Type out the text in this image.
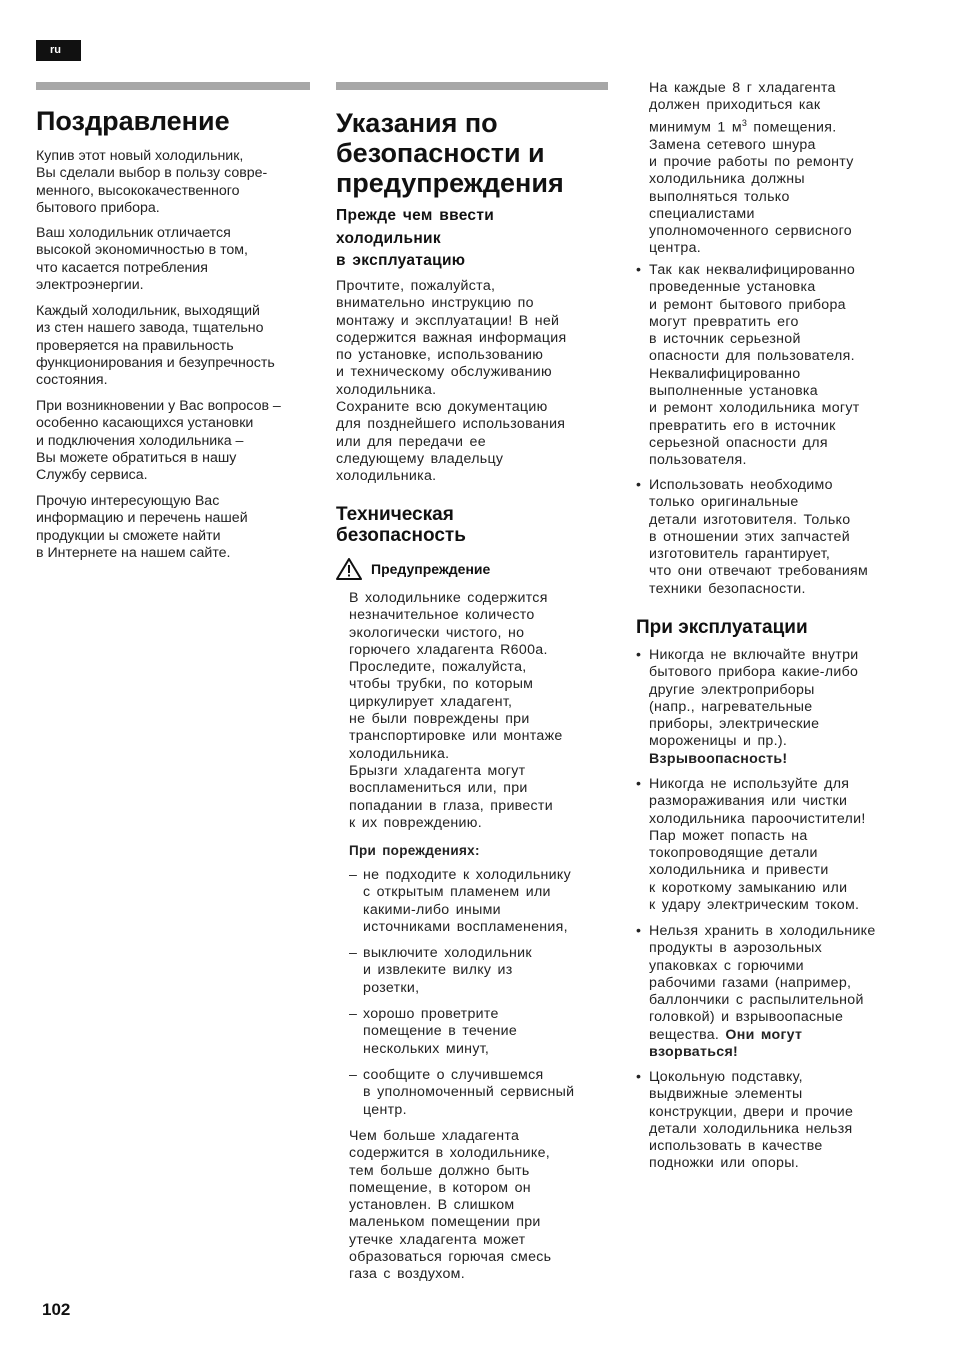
ru
Поздравление

Купив этот новый холодильник,
Вы сделали выбор в пользу совре-
менного, высококачественного
бытового прибора.

Ваш холодильник отличается
высокой экономичностью в том,
что касается потребления
электроэнергии.

Каждый холодильник, выходящий
из стен нашего завода, тщательно
проверяется на правильность
функционирования и безупречность
состояния.

При возникновении у Вас вопросов –
особенно касающихся установки
и подключения холодильника –
Вы можете обратиться в нашу
Службу сервиса.

Прочую интересующую Вас
информацию и перечень нашей
продукции ы сможете найти
в Интернете на нашем сайте.

Указания по
безопасности и
предупреждения
Прежде чем ввести
холодильник
в эксплуатацию

Прочтите, пожалуйста,
внимательно инструкцию по
монтажу и эксплуатации! В ней
содержится важная информация
по установке, использованию
и техническому обслуживанию
холодильника.
Сохраните всю документацию
для позднейшего использования
или для передачи ее
следующему владельцу
холодильника.

Техническая
безопасность
Предупреждение

В холодильнике содержится
незначительное количесто
экологически чистого, но
горючего хладагента R600a.
Проследите, пожалуйста,
чтобы трубки, по которым
циркулирует хладагент,
не были повреждены при
транспортировке или монтаже
холодильника.
Брызги хладагента могут
воспламениться или, при
попадании в глаза, привести
к их повреждению.

При пореждениях:

– не подходите к холодильнику
с открытым пламенем или
какими-либо иными
источниками воспламенения,
– выключите холодильник
и извлеките вилку из
розетки,
– хорошо проветрите
помещение в течение
нескольких минут,
– сообщите о случившемся
в уполномоченный сервисный
центр.

Чем больше хладагента
содержится в холодильнике,
тем больше должно быть
помещение, в котором он
установлен. В слишком
маленьком помещении при
утечке хладагента может
образоваться горючая смесь
газа с воздухом.

На каждые 8 г хладагента
должен приходиться как
минимум 1 $м^3$ помещения.
Замена сетевого шнура
и прочие работы по ремонту
холодильника должны
выполняться только
специалистами
уполномоченного сервисного
центра.

• Так как неквалифицированно
проведенные установка
и ремонт бытового прибора
могут превратить его
в источник серьезной
опасности для пользователя.
Неквалифицированно
выполненные установка
и ремонт холодильника могут
превратить его в источник
серьезной опасности для
пользователя.
• Использовать необходимо
только оригинальные
детали изготовителя. Только
в отношении этих запчастей
изготовитель гарантирует,
что они отвечают требованиям
техники безопасности.
При эксплуатации
• Никогда не включайте внутри
бытового прибора какие-либо
другие электроприборы
(напр., нагревательные
приборы, электрические
мороженицы и пр.).
Взрывоопасность!
• Никогда не используйте для
размораживания или чистки
холодильника пароочистители!
Пар может попасть на
токопроводящие детали
холодильника и привести
к короткому замыканию или
к удару электрическим током.
• Нельзя хранить в холодильнике
продукты в аэрозольных
упаковках с горючими
рабочими газами (например,
баллончики с распылительной
головкой) и взрывоопасные
вещества. Они могут
взорваться!
• Цокольную подставку,
выдвижные элементы
конструкции, двери и прочие
детали холодильника нельзя
использовать в качестве
подножки или опоры.
102
